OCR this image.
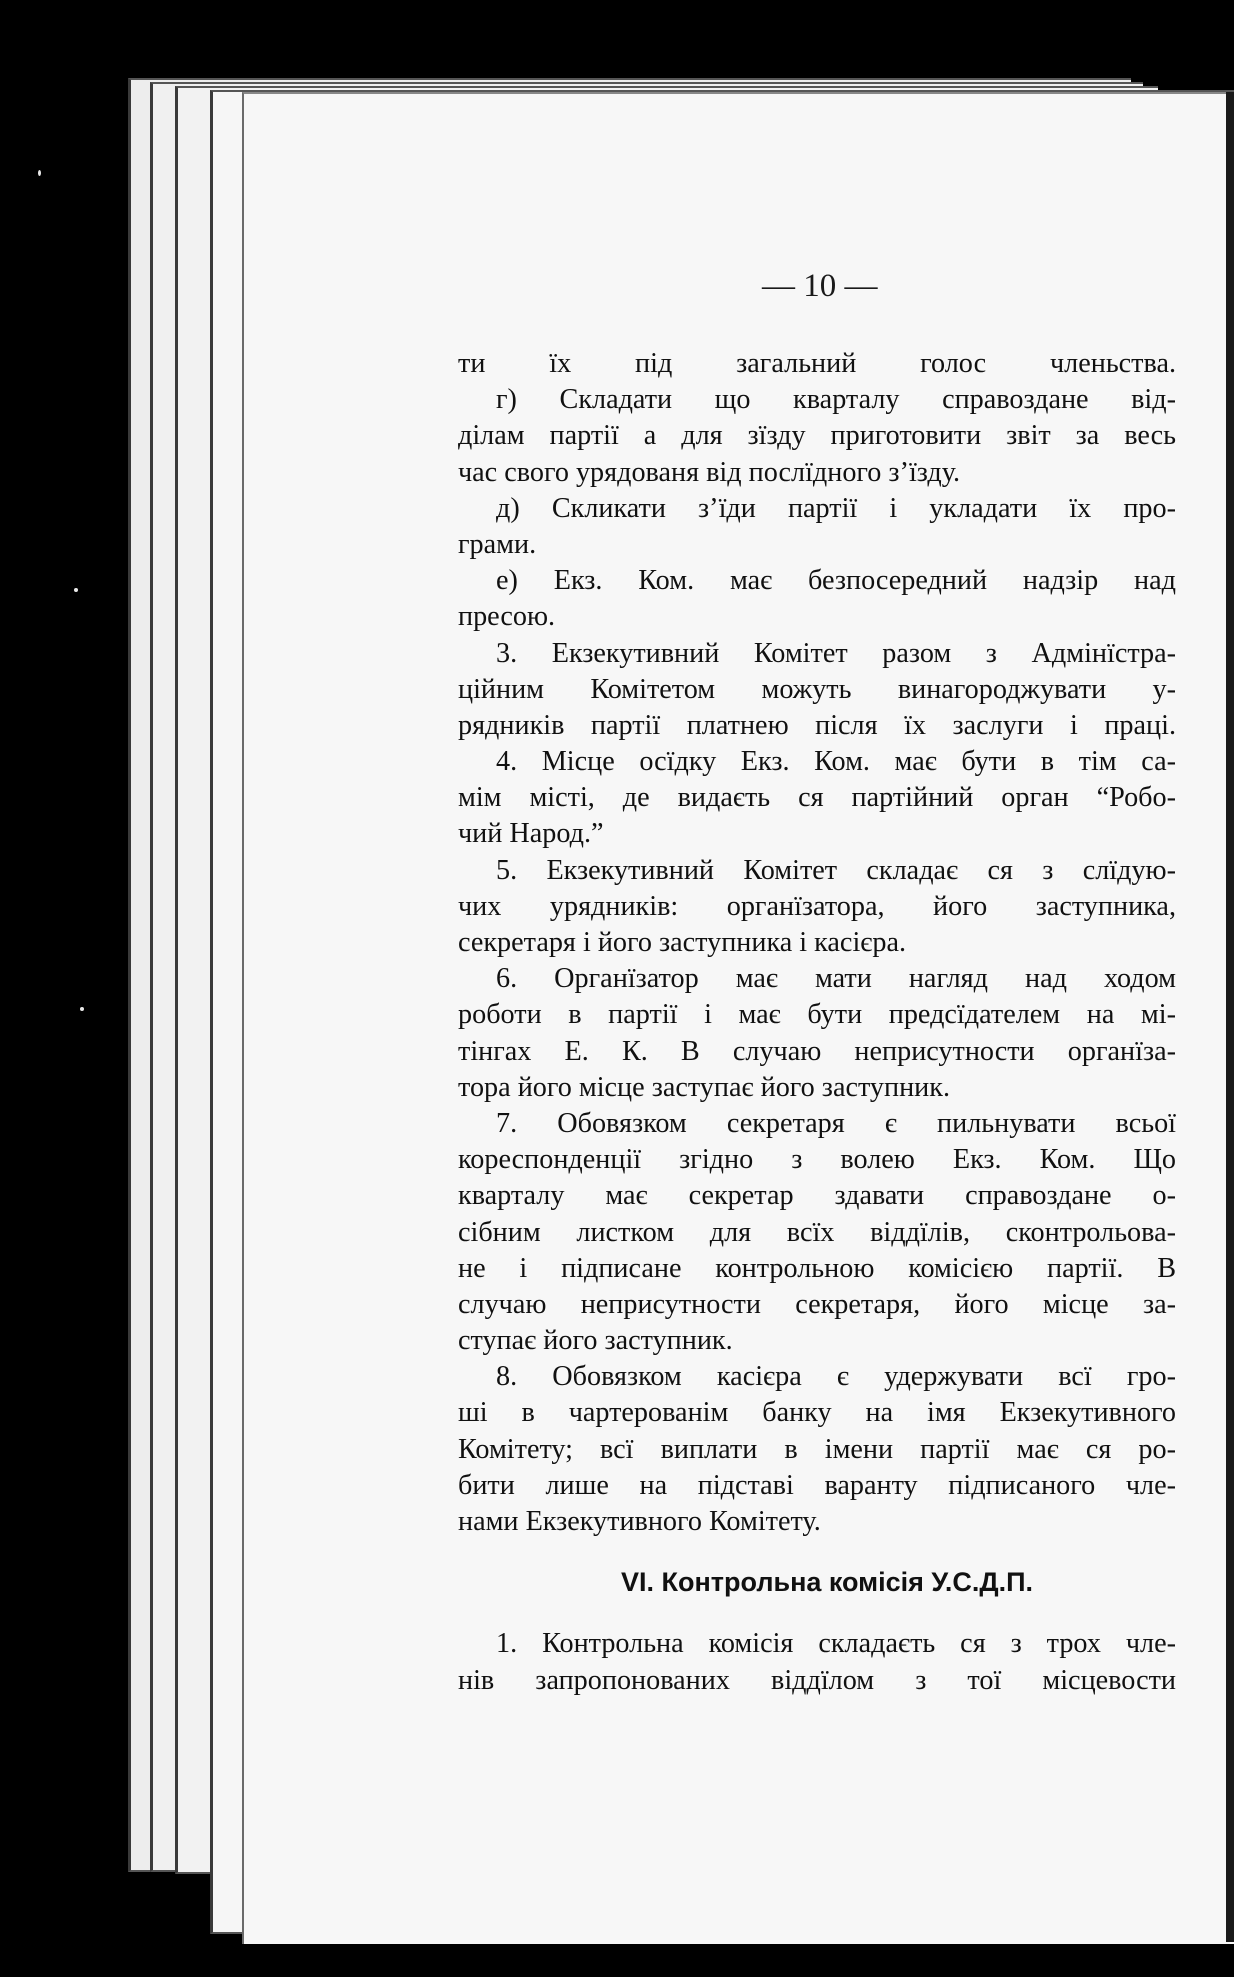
— 10 —
ти їх під загальний голос членьства.
г) Складати що кварталу справоздане від-
ділам партії а для зїзду приготовити звіт за весь
час свого урядованя від послїдного з’їзду.
д) Скликати з’їди партії і укладати їх про-
грами.
е) Екз. Ком. має безпосередний надзір над
пресою.
3. Екзекутивний Комітет разом з Адмінїстра-
ційним Комітетом можуть винагороджувати у-
рядників партії платнею після їх заслуги і праці.
4. Місце осїдку Екз. Ком. має бути в тім са-
мім місті, де видаєть ся партійний орган “Робо-
чий Народ.”
5. Екзекутивний Комітет складає ся з слїдую-
чих урядників: органїзатора, його заступника,
секретаря і його заступника і касієра.
6. Органїзатор має мати нагляд над ходом
роботи в партії і має бути предсїдателем на мі-
тінгах Е. К. В случаю неприсутности органїза-
тора його місце заступає його заступник.
7. Обовязком секретаря є пильнувати всьої
кореспонденції згідно з волею Екз. Ком. Що
кварталу має секретар здавати справоздане о-
сібним листком для всїх віддїлів, сконтрольова-
не і підписане контрольною комісією партії. В
случаю неприсутности секретаря, його місце за-
ступає його заступник.
8. Обовязком касієра є удержувати всї гро-
ші в чартерованім банку на імя Екзекутивного
Комітету; всї виплати в імени партії має ся ро-
бити лише на підставі варанту підписаного чле-
нами Екзекутивного Комітету.
VI. Контрольна комісія У.С.Д.П.
1. Контрольна комісія складаєть ся з трох чле-
нів запропонованих віддїлом з тої місцевости
